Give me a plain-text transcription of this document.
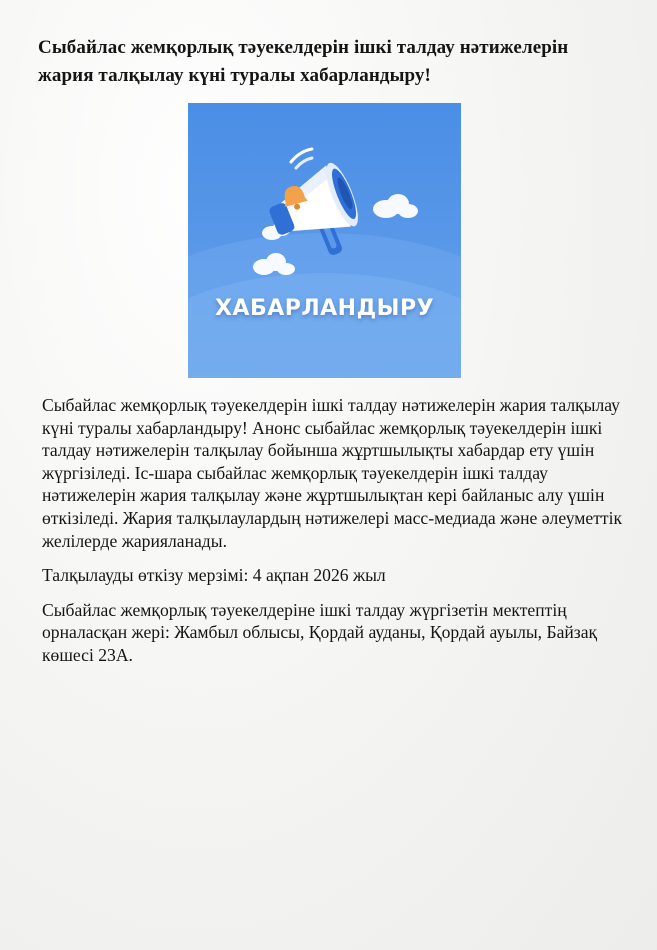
Сыбайлас жемқорлық тәуекелдерін ішкі талдау нәтижелерін жария талқылау күні туралы хабарландыру!
ХАБАРЛАНДЫРУ

Сыбайлас жемқорлық тәуекелдерін ішкі талдау нәтижелерін жария талқылау күні туралы хабарландыру! Анонс сыбайлас жемқорлық тәуекелдерін ішкі талдау нәтижелерін талқылау бойынша жұртшылықты хабардар ету үшін жүргізіледі. Іс-шара сыбайлас жемқорлық тәуекелдерін ішкі талдау нәтижелерін жария талқылау және жұртшылықтан кері байланыс алу үшін өткізіледі. Жария талқылаулардың нәтижелері масс-медиада және әлеуметтік желілерде жарияланады.

Талқылауды өткізу мерзімі: 4 ақпан 2026 жыл

Сыбайлас жемқорлық тәуекелдеріне ішкі талдау жүргізетін мектептің орналасқан жері: Жамбыл облысы, Қордай ауданы, Қордай ауылы, Байзақ көшесі 23А.
